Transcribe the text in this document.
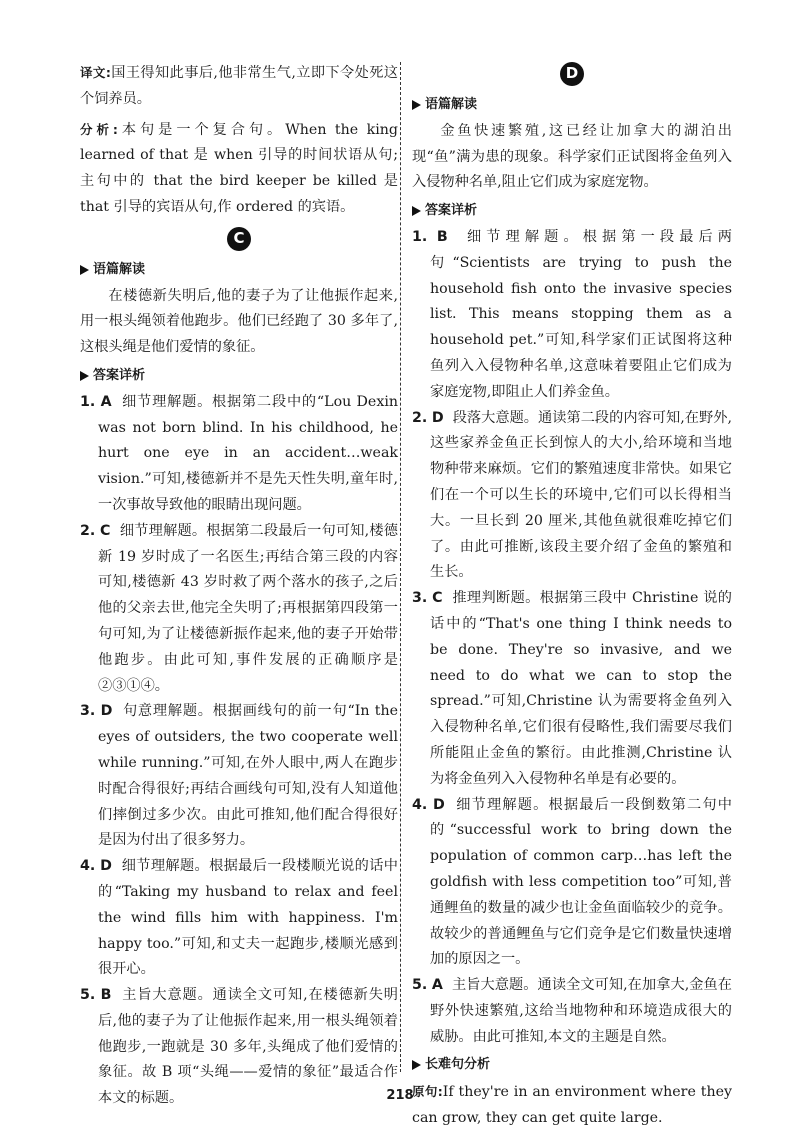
译文:国王得知此事后,他非常生气,立即下令处死这个饲养员。

分析:本句是一个复合句。When the king learned of that 是 when 引导的时间状语从句;主句中的 that the bird keeper be killed 是 that 引导的宾语从句,作 ordered 的宾语。

C
语篇解读

在楼德新失明后,他的妻子为了让他振作起来,用一根头绳领着他跑步。他们已经跑了 30 多年了,这根头绳是他们爱情的象征。

答案详析

1. A 细节理解题。根据第二段中的“Lou Dexin was not born blind. In his childhood, he hurt one eye in an accident…weak vision.”可知,楼德新并不是先天性失明,童年时,一次事故导致他的眼睛出现问题。

2. C 细节理解题。根据第二段最后一句可知,楼德新 19 岁时成了一名医生;再结合第三段的内容可知,楼德新 43 岁时救了两个落水的孩子,之后他的父亲去世,他完全失明了;再根据第四段第一句可知,为了让楼德新振作起来,他的妻子开始带他跑步。由此可知,事件发展的正确顺序是②③①④。

3. D 句意理解题。根据画线句的前一句“In the eyes of outsiders, the two cooperate well while running.”可知,在外人眼中,两人在跑步时配合得很好;再结合画线句可知,没有人知道他们摔倒过多少次。由此可推知,他们配合得很好是因为付出了很多努力。

4. D 细节理解题。根据最后一段楼顺光说的话中的“Taking my husband to relax and feel the wind fills him with happiness. I'm happy too.”可知,和丈夫一起跑步,楼顺光感到很开心。

5. B 主旨大意题。通读全文可知,在楼德新失明后,他的妻子为了让他振作起来,用一根头绳领着他跑步,一跑就是 30 多年,头绳成了他们爱情的象征。故 B 项“头绳——爱情的象征”最适合作本文的标题。

D
语篇解读

金鱼快速繁殖,这已经让加拿大的湖泊出现“鱼”满为患的现象。科学家们正试图将金鱼列入入侵物种名单,阻止它们成为家庭宠物。

答案详析

1. B 细节理解题。根据第一段最后两句“Scientists are trying to push the household fish onto the invasive species list. This means stopping them as a household pet.”可知,科学家们正试图将这种鱼列入入侵物种名单,这意味着要阻止它们成为家庭宠物,即阻止人们养金鱼。

2. D 段落大意题。通读第二段的内容可知,在野外,这些家养金鱼正长到惊人的大小,给环境和当地物种带来麻烦。它们的繁殖速度非常快。如果它们在一个可以生长的环境中,它们可以长得相当大。一旦长到 20 厘米,其他鱼就很难吃掉它们了。由此可推断,该段主要介绍了金鱼的繁殖和生长。

3. C 推理判断题。根据第三段中 Christine 说的话中的“That's one thing I think needs to be done. They're so invasive, and we need to do what we can to stop the spread.”可知,Christine 认为需要将金鱼列入入侵物种名单,它们很有侵略性,我们需要尽我们所能阻止金鱼的繁衍。由此推测,Christine 认为将金鱼列入入侵物种名单是有必要的。

4. D 细节理解题。根据最后一段倒数第二句中的“successful work to bring down the population of common carp…has left the goldfish with less competition too”可知,普通鲤鱼的数量的减少也让金鱼面临较少的竞争。故较少的普通鲤鱼与它们竞争是它们数量快速增加的原因之一。

5. A 主旨大意题。通读全文可知,在加拿大,金鱼在野外快速繁殖,这给当地物种和环境造成很大的威胁。由此可推知,本文的主题是自然。

长难句分析

原句:If they're in an environment where they can grow, they can get quite large.

218
